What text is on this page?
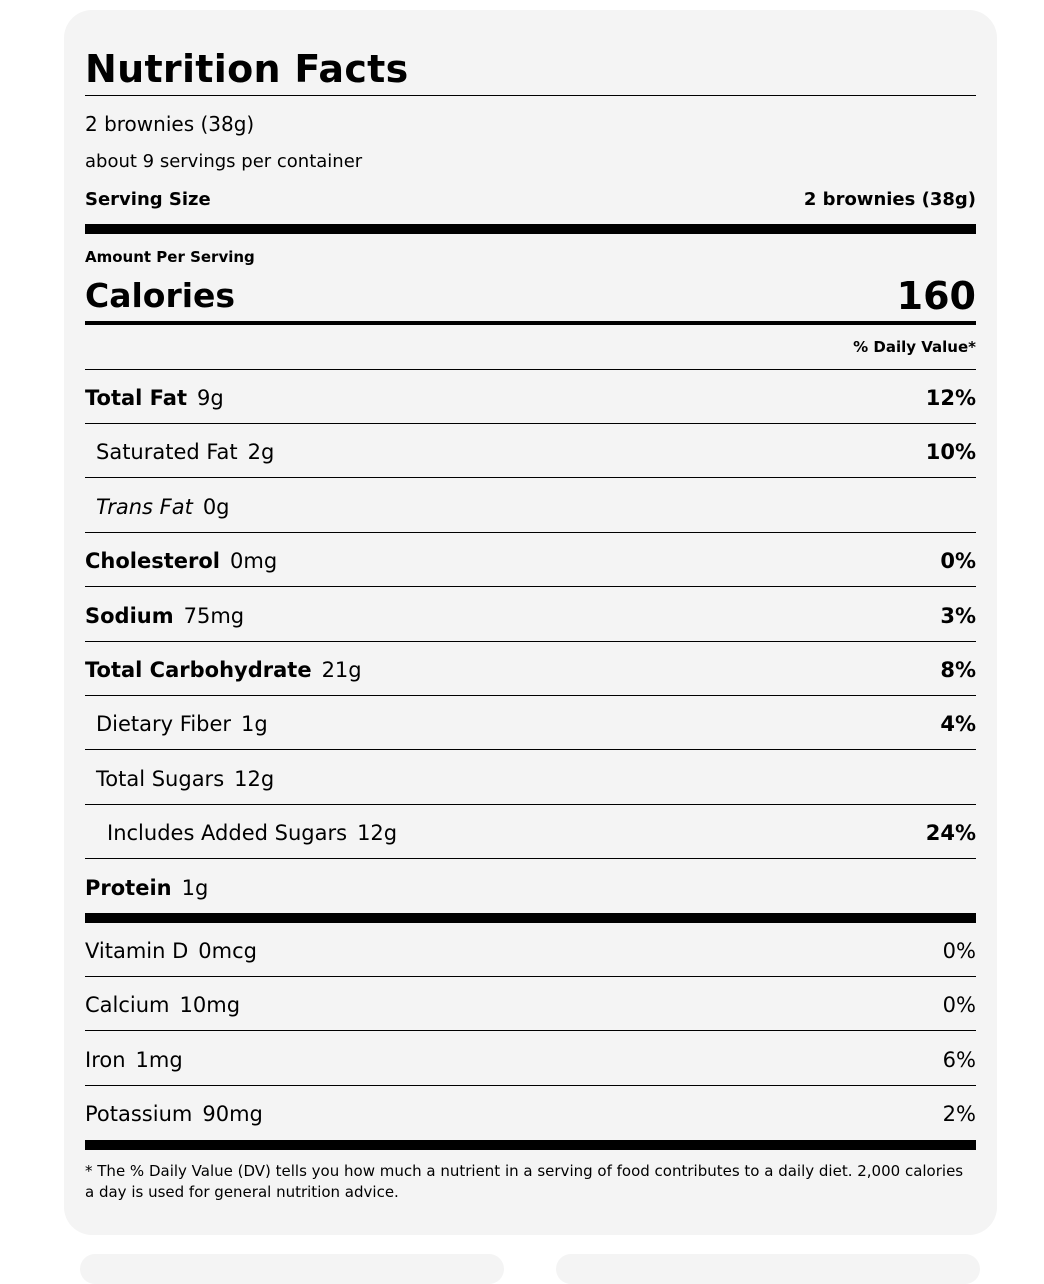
Nutrition Facts
2 brownies (38g)
about 9 servings per container
Serving Size	2 brownies (38g)
Amount Per Serving
Calories	160
% Daily Value*
Total Fat 9g	12%
Saturated Fat 2g	10%
Trans Fat 0g
Cholesterol 0mg	0%
Sodium 75mg	3%
Total Carbohydrate 21g	8%
Dietary Fiber 1g	4%
Total Sugars 12g
Includes Added Sugars 12g	24%
Protein 1g
Vitamin D 0mcg	0%
Calcium 10mg	0%
Iron 1mg	6%
Potassium 90mg	2%
* The % Daily Value (DV) tells you how much a nutrient in a serving of food contributes to a daily diet. 2,000 calories a day is used for general nutrition advice.
